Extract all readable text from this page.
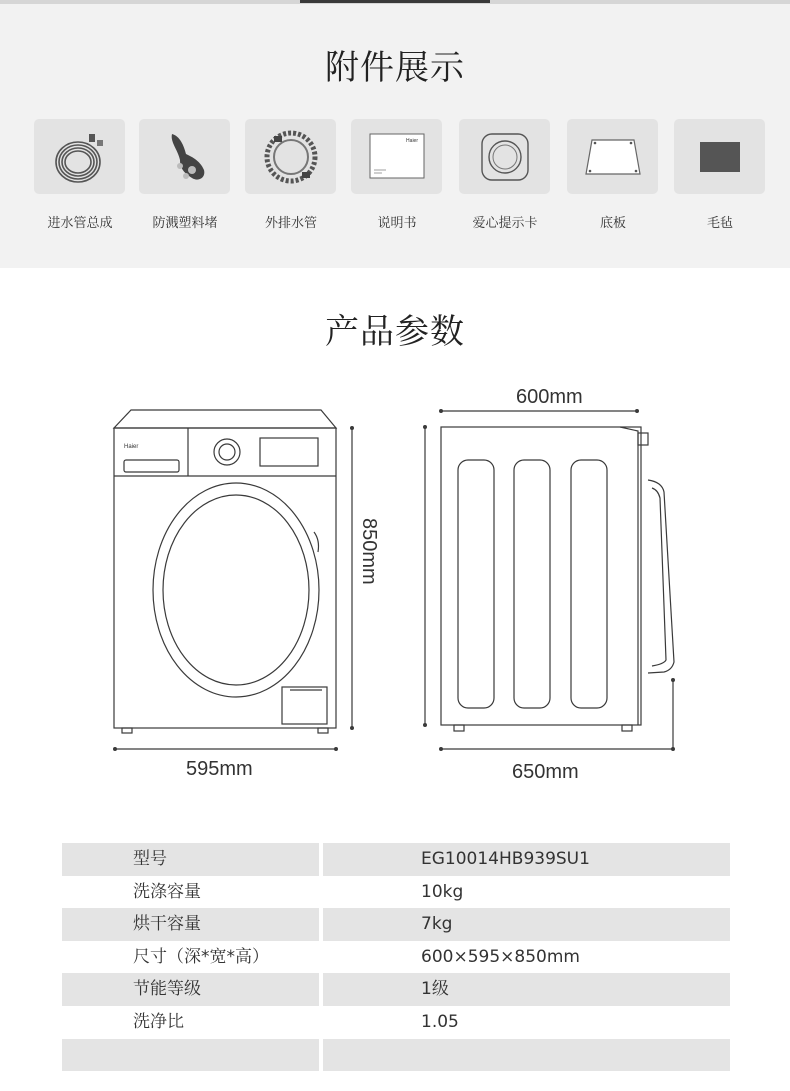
附件展示
进水管总成	防溅塑料堵	外排水管
Haier
说明书	爱心提示卡	底板	毛毡
产品参数
Haier
595mm
850mm
600mm
650mm
型号	EG10014HB939SU1
洗涤容量	10kg
烘干容量	7kg
尺寸（深*宽*高）	600×595×850mm
节能等级	1级
洗净比	1.05
